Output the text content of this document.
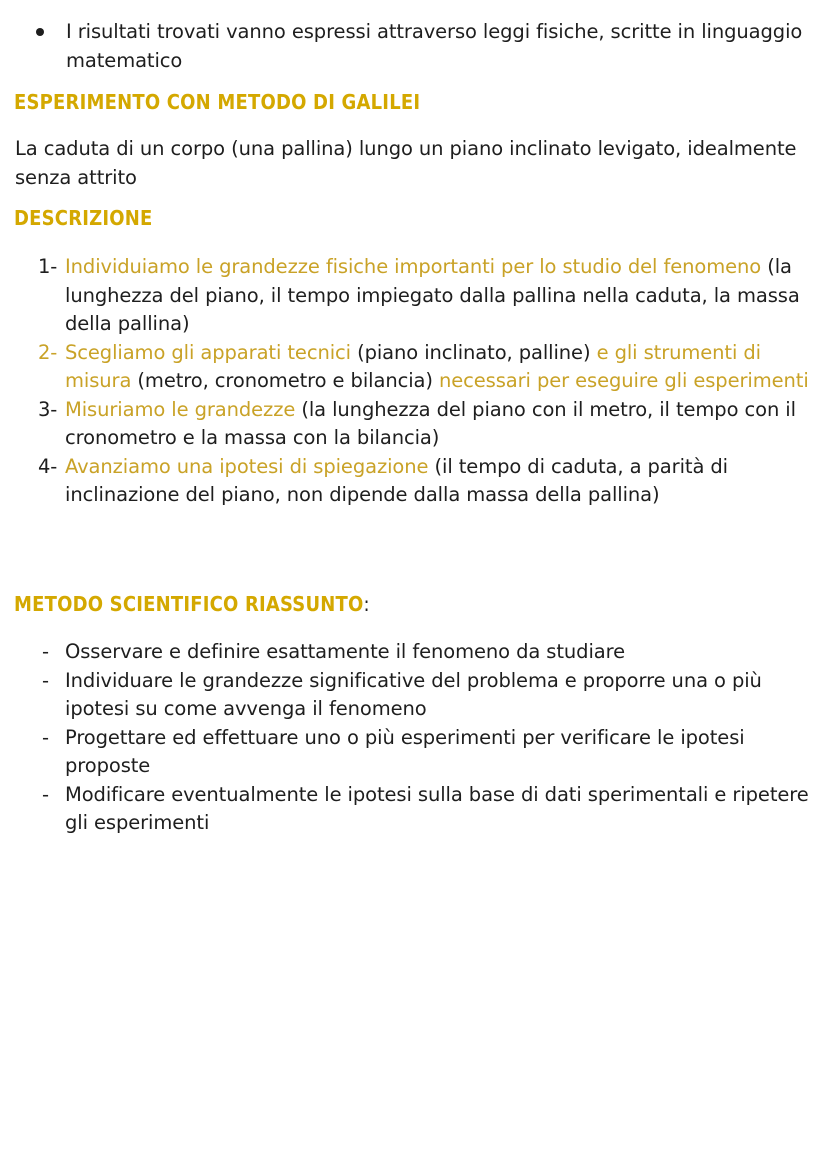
I risultati trovati vanno espressi attraverso leggi fisiche, scritte in linguaggio matematico
ESPERIMENTO CON METODO DI GALILEI
La caduta di un corpo (una pallina) lungo un piano inclinato levigato, idealmente senza attrito
DESCRIZIONE
1- Individuiamo le grandezze fisiche importanti per lo studio del fenomeno (la lunghezza del piano, il tempo impiegato dalla pallina nella caduta, la massa della pallina)
2- Scegliamo gli apparati tecnici (piano inclinato, palline) e gli strumenti di misura (metro, cronometro e bilancia) necessari per eseguire gli esperimenti
3- Misuriamo le grandezze (la lunghezza del piano con il metro, il tempo con il cronometro e la massa con la bilancia)
4- Avanziamo una ipotesi di spiegazione (il tempo di caduta, a parità di inclinazione del piano, non dipende dalla massa della pallina)
METODO SCIENTIFICO RIASSUNTO:
- Osservare e definire esattamente il fenomeno da studiare
- Individuare le grandezze significative del problema e proporre una o più ipotesi su come avvenga il fenomeno
- Progettare ed effettuare uno o più esperimenti per verificare le ipotesi proposte
- Modificare eventualmente le ipotesi sulla base di dati sperimentali e ripetere gli esperimenti
